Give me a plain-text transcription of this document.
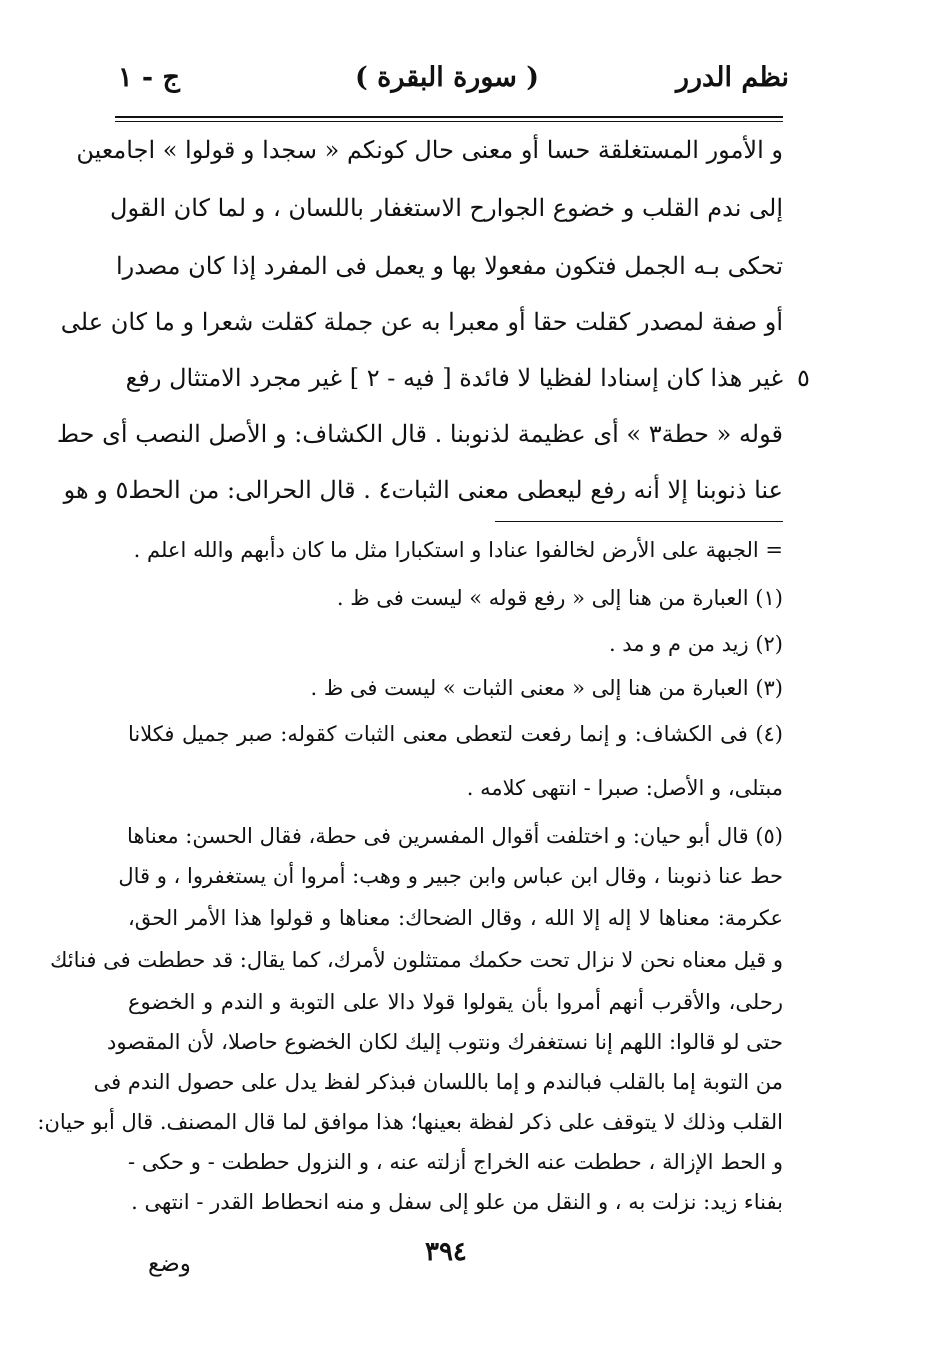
نظم الدرر
( سورة البقرة )
ج - ١
و الأمور المستغلقة حسا أو معنى حال كونكم « سجدا و قولوا » اجامعين
إلى ندم القلب و خضوع الجوارح الاستغفار باللسان ، و لما كان القول
تحكى بـه الجمل فتكون مفعولا بها و يعمل فى المفرد إذا كان مصدرا
أو صفة لمصدر كقلت حقا أو معبرا به عن جملة كقلت شعرا و ما كان على
غير هذا كان إسنادا لفظيا لا فائدة [ فيه - ٢ ] غير مجرد الامتثال رفع
قوله « حطة٣ » أى عظيمة لذنوبنا . قال الكشاف: و الأصل النصب أى حط
عنا ذنوبنا إلا أنه رفع ليعطى معنى الثبات٤ . قال الحرالى: من الحط٥ و هو
٥
= الجبهة على الأرض لخالفوا عنادا و استكبارا مثل ما كان دأبهم والله اعلم .
(١) العبارة من هنا إلى « رفع قوله » ليست فى ظ .
(٢) زيد من م و مد .
(٣) العبارة من هنا إلى « معنى الثبات » ليست فى ظ .
(٤) فى الكشاف: و إنما رفعت لتعطى معنى الثبات كقوله: صبر جميل فكلانا
مبتلى، و الأصل: صبرا - انتهى كلامه .
(٥) قال أبو حيان: و اختلفت أقوال المفسرين فى حطة، فقال الحسن: معناها
حط عنا ذنوبنا ، وقال ابن عباس وابن جبير و وهب: أمروا أن يستغفروا ، و قال
عكرمة: معناها لا إله إلا الله ، وقال الضحاك: معناها و قولوا هذا الأمر الحق،
و قيل معناه نحن لا نزال تحت حكمك ممتثلون لأمرك، كما يقال: قد حططت فى فنائك
رحلى، والأقرب أنهم أمروا بأن يقولوا قولا دالا على التوبة و الندم و الخضوع
حتى لو قالوا: اللهم إنا نستغفرك ونتوب إليك لكان الخضوع حاصلا، لأن المقصود
من التوبة إما بالقلب فبالندم و إما باللسان فبذكر لفظ يدل على حصول الندم فى
القلب وذلك لا يتوقف على ذكر لفظة بعينها؛ هذا موافق لما قال المصنف. قال أبو حيان:
و الحط الإزالة ، حططت عنه الخراج أزلته عنه ، و النزول حططت - و حكى -
بفناء زيد: نزلت به ، و النقل من علو إلى سفل و منه انحطاط القدر - انتهى .
٣٩٤
وضع
